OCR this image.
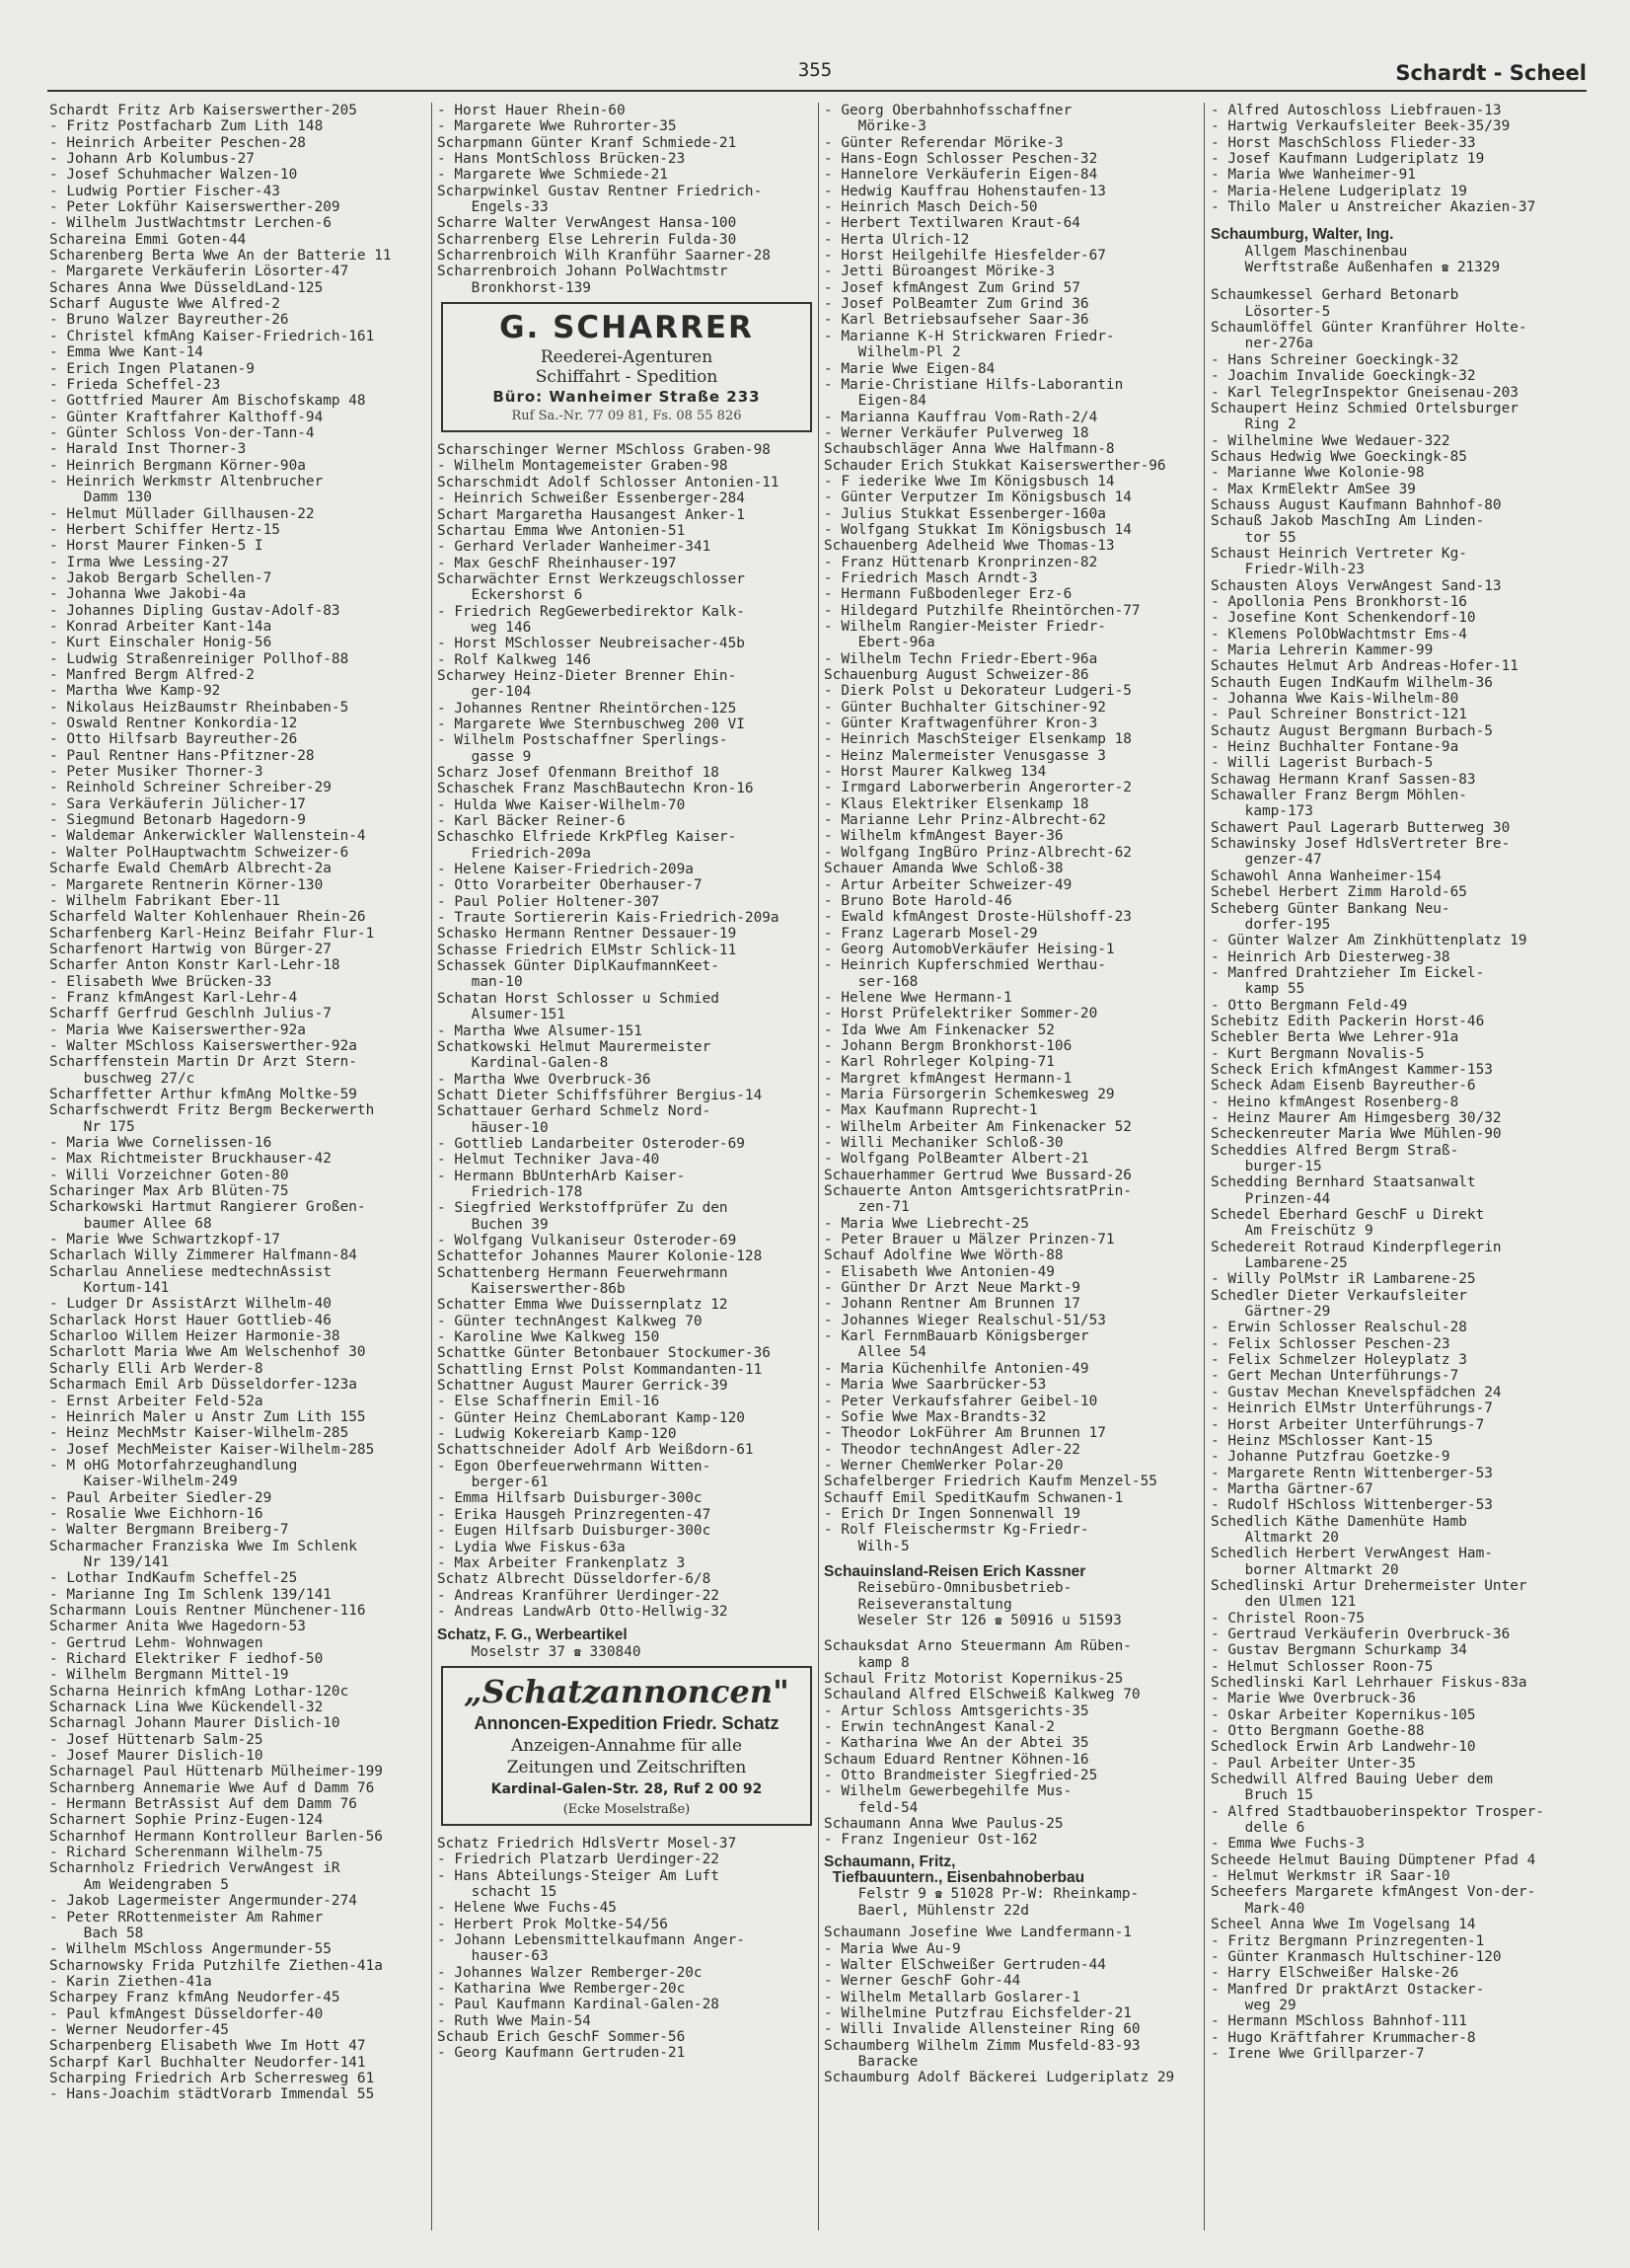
355	Schardt - Scheel
Schardt Fritz Arb Kaiserswerther-205
- Fritz Postfacharb Zum Lith 148
- Heinrich Arbeiter Peschen-28
- Johann Arb Kolumbus-27
- Josef Schuhmacher Walzen-10
- Ludwig Portier Fischer-43
- Peter Lokführ Kaiserswerther-209
- Wilhelm JustWachtmstr Lerchen-6
Schareina Emmi Goten-44
Scharenberg Berta Wwe An der Batterie 11
- Margarete Verkäuferin Lösorter-47
Schares Anna Wwe DüsseldLand-125
Scharf Auguste Wwe Alfred-2
- Bruno Walzer Bayreuther-26
- Christel kfmAng Kaiser-Friedrich-161
- Emma Wwe Kant-14
- Erich Ingen Platanen-9
- Frieda Scheffel-23
- Gottfried Maurer Am Bischofskamp 48
- Günter Kraftfahrer Kalthoff-94
- Günter Schloss Von-der-Tann-4
- Harald Inst Thorner-3
- Heinrich Bergmann Körner-90a
- Heinrich Werkmstr Altenbrucher
Damm 130
- Helmut Müllader Gillhausen-22
- Herbert Schiffer Hertz-15
- Horst Maurer Finken-5 I
- Irma Wwe Lessing-27
- Jakob Bergarb Schellen-7
- Johanna Wwe Jakobi-4a
- Johannes Dipling Gustav-Adolf-83
- Konrad Arbeiter Kant-14a
- Kurt Einschaler Honig-56
- Ludwig Straßenreiniger Pollhof-88
- Manfred Bergm Alfred-2
- Martha Wwe Kamp-92
- Nikolaus HeizBaumstr Rheinbaben-5
- Oswald Rentner Konkordia-12
- Otto Hilfsarb Bayreuther-26
- Paul Rentner Hans-Pfitzner-28
- Peter Musiker Thorner-3
- Reinhold Schreiner Schreiber-29
- Sara Verkäuferin Jülicher-17
- Siegmund Betonarb Hagedorn-9
- Waldemar Ankerwickler Wallenstein-4
- Walter PolHauptwachtm Schweizer-6
Scharfe Ewald ChemArb Albrecht-2a
- Margarete Rentnerin Körner-130
- Wilhelm Fabrikant Eber-11
Scharfeld Walter Kohlenhauer Rhein-26
Scharfenberg Karl-Heinz Beifahr Flur-1
Scharfenort Hartwig von Bürger-27
Scharfer Anton Konstr Karl-Lehr-18
- Elisabeth Wwe Brücken-33
- Franz kfmAngest Karl-Lehr-4
Scharff Gerfrud Geschlnh Julius-7
- Maria Wwe Kaiserswerther-92a
- Walter MSchloss Kaiserswerther-92a
Scharffenstein Martin Dr Arzt Stern-
buschweg 27/c
Scharffetter Arthur kfmAng Moltke-59
Scharfschwerdt Fritz Bergm Beckerwerth
Nr 175
- Maria Wwe Cornelissen-16
- Max Richtmeister Bruckhauser-42
- Willi Vorzeichner Goten-80
Scharinger Max Arb Blüten-75
Scharkowski Hartmut Rangierer Großen-
baumer Allee 68
- Marie Wwe Schwartzkopf-17
Scharlach Willy Zimmerer Halfmann-84
Scharlau Anneliese medtechnAssist
Kortum-141
- Ludger Dr AssistArzt Wilhelm-40
Scharlack Horst Hauer Gottlieb-46
Scharloo Willem Heizer Harmonie-38
Scharlott Maria Wwe Am Welschenhof 30
Scharly Elli Arb Werder-8
Scharmach Emil Arb Düsseldorfer-123a
- Ernst Arbeiter Feld-52a
- Heinrich Maler u Anstr Zum Lith 155
- Heinz MechMstr Kaiser-Wilhelm-285
- Josef MechMeister Kaiser-Wilhelm-285
- M oHG Motorfahrzeughandlung
Kaiser-Wilhelm-249
- Paul Arbeiter Siedler-29
- Rosalie Wwe Eichhorn-16
- Walter Bergmann Breiberg-7
Scharmacher Franziska Wwe Im Schlenk
Nr 139/141
- Lothar IndKaufm Scheffel-25
- Marianne Ing Im Schlenk 139/141
Scharmann Louis Rentner Münchener-116
Scharmer Anita Wwe Hagedorn-53
- Gertrud Lehm- Wohnwagen
- Richard Elektriker F iedhof-50
- Wilhelm Bergmann Mittel-19
Scharna Heinrich kfmAng Lothar-120c
Scharnack Lina Wwe Kückendell-32
Scharnagl Johann Maurer Dislich-10
- Josef Hüttenarb Salm-25
- Josef Maurer Dislich-10
Scharnagel Paul Hüttenarb Mülheimer-199
Scharnberg Annemarie Wwe Auf d Damm 76
- Hermann BetrAssist Auf dem Damm 76
Scharnert Sophie Prinz-Eugen-124
Scharnhof Hermann Kontrolleur Barlen-56
- Richard Scherenmann Wilhelm-75
Scharnholz Friedrich VerwAngest iR
Am Weidengraben 5
- Jakob Lagermeister Angermunder-274
- Peter RRottenmeister Am Rahmer
Bach 58
- Wilhelm MSchloss Angermunder-55
Scharnowsky Frida Putzhilfe Ziethen-41a
- Karin Ziethen-41a
Scharpey Franz kfmAng Neudorfer-45
- Paul kfmAngest Düsseldorfer-40
- Werner Neudorfer-45
Scharpenberg Elisabeth Wwe Im Hott 47
Scharpf Karl Buchhalter Neudorfer-141
Scharping Friedrich Arb Scherresweg 61
- Hans-Joachim städtVorarb Immendal 55
- Horst Hauer Rhein-60
- Margarete Wwe Ruhrorter-35
Scharpmann Günter Kranf Schmiede-21
- Hans MontSchloss Brücken-23
- Margarete Wwe Schmiede-21
Scharpwinkel Gustav Rentner Friedrich-
Engels-33
Scharre Walter VerwAngest Hansa-100
Scharrenberg Else Lehrerin Fulda-30
Scharrenbroich Wilh Kranführ Saarner-28
Scharrenbroich Johann PolWachtmstr
Bronkhorst-139
G. SCHARRER
Reederei-Agenturen
Schiffahrt - Spedition
Büro: Wanheimer Straße 233
Ruf Sa.-Nr. 77 09 81, Fs. 08 55 826
Scharschinger Werner MSchloss Graben-98
- Wilhelm Montagemeister Graben-98
Scharschmidt Adolf Schlosser Antonien-11
- Heinrich Schweißer Essenberger-284
Schart Margaretha Hausangest Anker-1
Schartau Emma Wwe Antonien-51
- Gerhard Verlader Wanheimer-341
- Max GeschF Rheinhauser-197
Scharwächter Ernst Werkzeugschlosser
Eckershorst 6
- Friedrich RegGewerbedirektor Kalk-
weg 146
- Horst MSchlosser Neubreisacher-45b
- Rolf Kalkweg 146
Scharwey Heinz-Dieter Brenner Ehin-
ger-104
- Johannes Rentner Rheintörchen-125
- Margarete Wwe Sternbuschweg 200 VI
- Wilhelm Postschaffner Sperlings-
gasse 9
Scharz Josef Ofenmann Breithof 18
Schaschek Franz MaschBautechn Kron-16
- Hulda Wwe Kaiser-Wilhelm-70
- Karl Bäcker Reiner-6
Schaschko Elfriede KrkPfleg Kaiser-
Friedrich-209a
- Helene Kaiser-Friedrich-209a
- Otto Vorarbeiter Oberhauser-7
- Paul Polier Holtener-307
- Traute Sortiererin Kais-Friedrich-209a
Schasko Hermann Rentner Dessauer-19
Schasse Friedrich ElMstr Schlick-11
Schassek Günter DiplKaufmannKeet-
man-10
Schatan Horst Schlosser u Schmied
Alsumer-151
- Martha Wwe Alsumer-151
Schatkowski Helmut Maurermeister
Kardinal-Galen-8
- Martha Wwe Overbruck-36
Schatt Dieter Schiffsführer Bergius-14
Schattauer Gerhard Schmelz Nord-
häuser-10
- Gottlieb Landarbeiter Osteroder-69
- Helmut Techniker Java-40
- Hermann BbUnterhArb Kaiser-
Friedrich-178
- Siegfried Werkstoffprüfer Zu den
Buchen 39
- Wolfgang Vulkaniseur Osteroder-69
Schattefor Johannes Maurer Kolonie-128
Schattenberg Hermann Feuerwehrmann
Kaiserswerther-86b
Schatter Emma Wwe Duissernplatz 12
- Günter technAngest Kalkweg 70
- Karoline Wwe Kalkweg 150
Schattke Günter Betonbauer Stockumer-36
Schattling Ernst Polst Kommandanten-11
Schattner August Maurer Gerrick-39
- Else Schaffnerin Emil-16
- Günter Heinz ChemLaborant Kamp-120
- Ludwig Kokereiarb Kamp-120
Schattschneider Adolf Arb Weißdorn-61
- Egon Oberfeuerwehrmann Witten-
berger-61
- Emma Hilfsarb Duisburger-300c
- Erika Hausgeh Prinzregenten-47
- Eugen Hilfsarb Duisburger-300c
- Lydia Wwe Fiskus-63a
- Max Arbeiter Frankenplatz 3
Schatz Albrecht Düsseldorfer-6/8
- Andreas Kranführer Uerdinger-22
- Andreas LandwArb Otto-Hellwig-32
Schatz, F. G., Werbeartikel
Moselstr 37 ☎ 330840
„Schatzannoncen"
Annoncen-Expedition Friedr. Schatz
Anzeigen-Annahme für alle
Zeitungen und Zeitschriften
Kardinal-Galen-Str. 28, Ruf 2 00 92
(Ecke Moselstraße)
Schatz Friedrich HdlsVertr Mosel-37
- Friedrich Platzarb Uerdinger-22
- Hans Abteilungs-Steiger Am Luft
schacht 15
- Helene Wwe Fuchs-45
- Herbert Prok Moltke-54/56
- Johann Lebensmittelkaufmann Anger-
hauser-63
- Johannes Walzer Remberger-20c
- Katharina Wwe Remberger-20c
- Paul Kaufmann Kardinal-Galen-28
- Ruth Wwe Main-54
Schaub Erich GeschF Sommer-56
- Georg Kaufmann Gertruden-21
- Georg Oberbahnhofsschaffner
Mörike-3
- Günter Referendar Mörike-3
- Hans-Eogn Schlosser Peschen-32
- Hannelore Verkäuferin Eigen-84
- Hedwig Kauffrau Hohenstaufen-13
- Heinrich Masch Deich-50
- Herbert Textilwaren Kraut-64
- Herta Ulrich-12
- Horst Heilgehilfe Hiesfelder-67
- Jetti Büroangest Mörike-3
- Josef kfmAngest Zum Grind 57
- Josef PolBeamter Zum Grind 36
- Karl Betriebsaufseher Saar-36
- Marianne K-H Strickwaren Friedr-
Wilhelm-Pl 2
- Marie Wwe Eigen-84
- Marie-Christiane Hilfs-Laborantin
Eigen-84
- Marianna Kauffrau Vom-Rath-2/4
- Werner Verkäufer Pulverweg 18
Schaubschläger Anna Wwe Halfmann-8
Schauder Erich Stukkat Kaiserswerther-96
- F iederike Wwe Im Königsbusch 14
- Günter Verputzer Im Königsbusch 14
- Julius Stukkat Essenberger-160a
- Wolfgang Stukkat Im Königsbusch 14
Schauenberg Adelheid Wwe Thomas-13
- Franz Hüttenarb Kronprinzen-82
- Friedrich Masch Arndt-3
- Hermann Fußbodenleger Erz-6
- Hildegard Putzhilfe Rheintörchen-77
- Wilhelm Rangier-Meister Friedr-
Ebert-96a
- Wilhelm Techn Friedr-Ebert-96a
Schauenburg August Schweizer-86
- Dierk Polst u Dekorateur Ludgeri-5
- Günter Buchhalter Gitschiner-92
- Günter Kraftwagenführer Kron-3
- Heinrich MaschSteiger Elsenkamp 18
- Heinz Malermeister Venusgasse 3
- Horst Maurer Kalkweg 134
- Irmgard Laborwerberin Angerorter-2
- Klaus Elektriker Elsenkamp 18
- Marianne Lehr Prinz-Albrecht-62
- Wilhelm kfmAngest Bayer-36
- Wolfgang IngBüro Prinz-Albrecht-62
Schauer Amanda Wwe Schloß-38
- Artur Arbeiter Schweizer-49
- Bruno Bote Harold-46
- Ewald kfmAngest Droste-Hülshoff-23
- Franz Lagerarb Mosel-29
- Georg AutomobVerkäufer Heising-1
- Heinrich Kupferschmied Werthau-
ser-168
- Helene Wwe Hermann-1
- Horst Prüfelektriker Sommer-20
- Ida Wwe Am Finkenacker 52
- Johann Bergm Bronkhorst-106
- Karl Rohrleger Kolping-71
- Margret kfmAngest Hermann-1
- Maria Fürsorgerin Schemkesweg 29
- Max Kaufmann Ruprecht-1
- Wilhelm Arbeiter Am Finkenacker 52
- Willi Mechaniker Schloß-30
- Wolfgang PolBeamter Albert-21
Schauerhammer Gertrud Wwe Bussard-26
Schauerte Anton AmtsgerichtsratPrin-
zen-71
- Maria Wwe Liebrecht-25
- Peter Brauer u Mälzer Prinzen-71
Schauf Adolfine Wwe Wörth-88
- Elisabeth Wwe Antonien-49
- Günther Dr Arzt Neue Markt-9
- Johann Rentner Am Brunnen 17
- Johannes Wieger Realschul-51/53
- Karl FernmBauarb Königsberger
Allee 54
- Maria Küchenhilfe Antonien-49
- Maria Wwe Saarbrücker-53
- Peter Verkaufsfahrer Geibel-10
- Sofie Wwe Max-Brandts-32
- Theodor LokFührer Am Brunnen 17
- Theodor technAngest Adler-22
- Werner ChemWerker Polar-20
Schafelberger Friedrich Kaufm Menzel-55
Schauff Emil SpeditKaufm Schwanen-1
- Erich Dr Ingen Sonnenwall 19
- Rolf Fleischermstr Kg-Friedr-
Wilh-5
Schauinsland-Reisen Erich Kassner
Reisebüro-Omnibusbetrieb-
Reiseveranstaltung
Weseler Str 126 ☎ 50916 u 51593
Schauksdat Arno Steuermann Am Rüben-
kamp 8
Schaul Fritz Motorist Kopernikus-25
Schauland Alfred ElSchweiß Kalkweg 70
- Artur Schloss Amtsgerichts-35
- Erwin technAngest Kanal-2
- Katharina Wwe An der Abtei 35
Schaum Eduard Rentner Köhnen-16
- Otto Brandmeister Siegfried-25
- Wilhelm Gewerbegehilfe Mus-
feld-54
Schaumann Anna Wwe Paulus-25
- Franz Ingenieur Ost-162
Schaumann, Fritz,
Tiefbauuntern., Eisenbahnoberbau
Felstr 9 ☎ 51028 Pr-W: Rheinkamp-
Baerl, Mühlenstr 22d
Schaumann Josefine Wwe Landfermann-1
- Maria Wwe Au-9
- Walter ElSchweißer Gertruden-44
- Werner GeschF Gohr-44
- Wilhelm Metallarb Goslarer-1
- Wilhelmine Putzfrau Eichsfelder-21
- Willi Invalide Allensteiner Ring 60
Schaumberg Wilhelm Zimm Musfeld-83-93
Baracke
Schaumburg Adolf Bäckerei Ludgeriplatz 29
- Alfred Autoschloss Liebfrauen-13
- Hartwig Verkaufsleiter Beek-35/39
- Horst MaschSchloss Flieder-33
- Josef Kaufmann Ludgeriplatz 19
- Maria Wwe Wanheimer-91
- Maria-Helene Ludgeriplatz 19
- Thilo Maler u Anstreicher Akazien-37
Schaumburg, Walter, Ing.
Allgem Maschinenbau
Werftstraße Außenhafen ☎ 21329
Schaumkessel Gerhard Betonarb
Lösorter-5
Schaumlöffel Günter Kranführer Holte-
ner-276a
- Hans Schreiner Goeckingk-32
- Joachim Invalide Goeckingk-32
- Karl TelegrInspektor Gneisenau-203
Schaupert Heinz Schmied Ortelsburger
Ring 2
- Wilhelmine Wwe Wedauer-322
Schaus Hedwig Wwe Goeckingk-85
- Marianne Wwe Kolonie-98
- Max KrmElektr AmSee 39
Schauss August Kaufmann Bahnhof-80
Schauß Jakob MaschIng Am Linden-
tor 55
Schaust Heinrich Vertreter Kg-
Friedr-Wilh-23
Schausten Aloys VerwAngest Sand-13
- Apollonia Pens Bronkhorst-16
- Josefine Kont Schenkendorf-10
- Klemens PolObWachtmstr Ems-4
- Maria Lehrerin Kammer-99
Schautes Helmut Arb Andreas-Hofer-11
Schauth Eugen IndKaufm Wilhelm-36
- Johanna Wwe Kais-Wilhelm-80
- Paul Schreiner Bonstrict-121
Schautz August Bergmann Burbach-5
- Heinz Buchhalter Fontane-9a
- Willi Lagerist Burbach-5
Schawag Hermann Kranf Sassen-83
Schawaller Franz Bergm Möhlen-
kamp-173
Schawert Paul Lagerarb Butterweg 30
Schawinsky Josef HdlsVertreter Bre-
genzer-47
Schawohl Anna Wanheimer-154
Schebel Herbert Zimm Harold-65
Scheberg Günter Bankang Neu-
dorfer-195
- Günter Walzer Am Zinkhüttenplatz 19
- Heinrich Arb Diesterweg-38
- Manfred Drahtzieher Im Eickel-
kamp 55
- Otto Bergmann Feld-49
Schebitz Edith Packerin Horst-46
Schebler Berta Wwe Lehrer-91a
- Kurt Bergmann Novalis-5
Scheck Erich kfmAngest Kammer-153
Scheck Adam Eisenb Bayreuther-6
- Heino kfmAngest Rosenberg-8
- Heinz Maurer Am Himgesberg 30/32
Scheckenreuter Maria Wwe Mühlen-90
Scheddies Alfred Bergm Straß-
burger-15
Schedding Bernhard Staatsanwalt
Prinzen-44
Schedel Eberhard GeschF u Direkt
Am Freischütz 9
Schedereit Rotraud Kinderpflegerin
Lambarene-25
- Willy PolMstr iR Lambarene-25
Schedler Dieter Verkaufsleiter
Gärtner-29
- Erwin Schlosser Realschul-28
- Felix Schlosser Peschen-23
- Felix Schmelzer Holeyplatz 3
- Gert Mechan Unterführungs-7
- Gustav Mechan Knevelspfädchen 24
- Heinrich ElMstr Unterführungs-7
- Horst Arbeiter Unterführungs-7
- Heinz MSchlosser Kant-15
- Johanne Putzfrau Goetzke-9
- Margarete Rentn Wittenberger-53
- Martha Gärtner-67
- Rudolf HSchloss Wittenberger-53
Schedlich Käthe Damenhüte Hamb
Altmarkt 20
Schedlich Herbert VerwAngest Ham-
borner Altmarkt 20
Schedlinski Artur Drehermeister Unter
den Ulmen 121
- Christel Roon-75
- Gertraud Verkäuferin Overbruck-36
- Gustav Bergmann Schurkamp 34
- Helmut Schlosser Roon-75
Schedlinski Karl Lehrhauer Fiskus-83a
- Marie Wwe Overbruck-36
- Oskar Arbeiter Kopernikus-105
- Otto Bergmann Goethe-88
Schedlock Erwin Arb Landwehr-10
- Paul Arbeiter Unter-35
Schedwill Alfred Bauing Ueber dem
Bruch 15
- Alfred Stadtbauoberinspektor Trosper-
delle 6
- Emma Wwe Fuchs-3
Scheede Helmut Bauing Dümptener Pfad 4
- Helmut Werkmstr iR Saar-10
Scheefers Margarete kfmAngest Von-der-
Mark-40
Scheel Anna Wwe Im Vogelsang 14
- Fritz Bergmann Prinzregenten-1
- Günter Kranmasch Hultschiner-120
- Harry ElSchweißer Halske-26
- Manfred Dr praktArzt Ostacker-
weg 29
- Hermann MSchloss Bahnhof-111
- Hugo Kräftfahrer Krummacher-8
- Irene Wwe Grillparzer-7
